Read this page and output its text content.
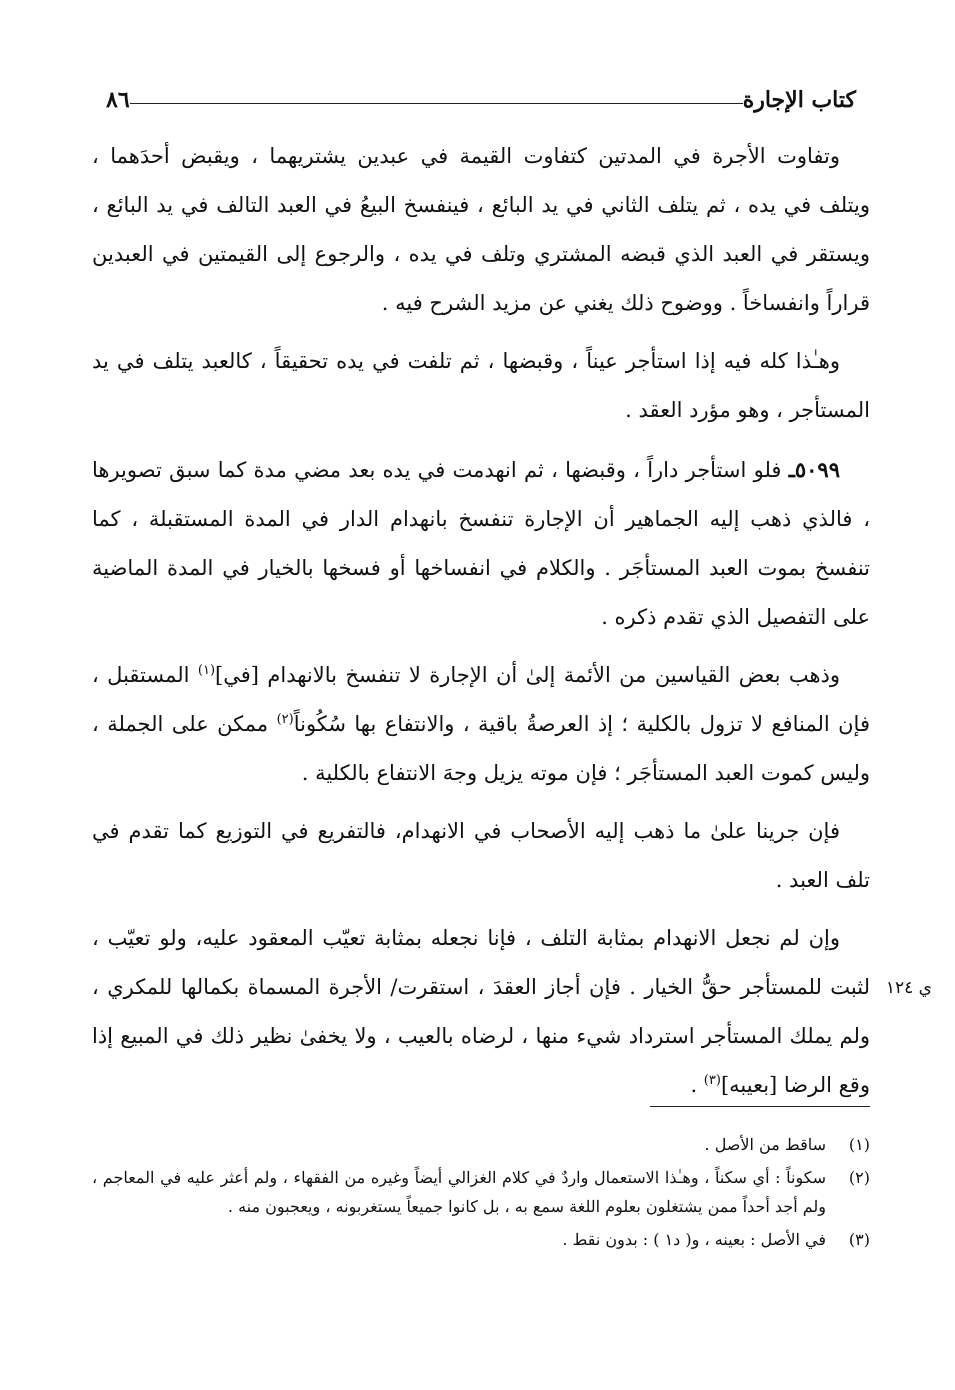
كتاب الإجارة
٨٦

وتفاوت الأجرة في المدتين كتفاوت القيمة في عبدين يشتريهما ، ويقبض أحدَهما ، ويتلف في يده ، ثم يتلف الثاني في يد البائع ، فينفسخ البيعُ في العبد التالف في يد البائع ، ويستقر في العبد الذي قبضه المشتري وتلف في يده ، والرجوع إلى القيمتين في العبدين قراراً وانفساخاً . ووضوح ذلك يغني عن مزيد الشرح فيه .

وهـٰذا كله فيه إذا استأجر عيناً ، وقبضها ، ثم تلفت في يده تحقيقاً ، كالعبد يتلف في يد المستأجر ، وهو مؤرد العقد .

٥٠٩٩ـ فلو استأجر داراً ، وقبضها ، ثم انهدمت في يده بعد مضي مدة كما سبق تصويرها ، فالذي ذهب إليه الجماهير أن الإجارة تنفسخ بانهدام الدار في المدة المستقبلة ، كما تنفسخ بموت العبد المستأجَر . والكلام في انفساخها أو فسخها بالخيار في المدة الماضية على التفصيل الذي تقدم ذكره .

وذهب بعض القياسين من الأئمة إلىٰ أن الإجارة لا تنفسخ بالانهدام [في]$^{(١)}$ المستقبل ، فإن المنافع لا تزول بالكلية ؛ إذ العرصةُ باقية ، والانتفاع بها سُكُوناً$^{(٢)}$ ممكن على الجملة ، وليس كموت العبد المستأجَر ؛ فإن موته يزيل وجهَ الانتفاع بالكلية .

فإن جرينا علىٰ ما ذهب إليه الأصحاب في الانهدام، فالتفريع في التوزيع كما تقدم في تلف العبد .

وإن لم نجعل الانهدام بمثابة التلف ، فإنا نجعله بمثابة تعيّب المعقود عليه، ولو تعيّب ، لثبت للمستأجر حقُّ الخيار . فإن أجاز العقدَ ، استقرت/ الأجرة المسماة بكمالها للمكري ، ولم يملك المستأجر استرداد شيء منها ، لرضاه بالعيب ، ولا يخفىٰ نظير ذلك في المبيع إذا وقع الرضا [بعيبه]$^{(٣)}$ .

ي ١٢٤
(١)
ساقط من الأصل .
(٢)
سكوناً : أي سكناً ، وهـٰذا الاستعمال واردٌ في كلام الغزالي أيضاً وغيره من الفقهاء ، ولم أعثر عليه في المعاجم ، ولم أجد أحداً ممن يشتغلون بعلوم اللغة سمع به ، بل كانوا جميعاً يستغربونه ، ويعجبون منه .
(٣)
في الأصل : بعينه ، و( د١ ) : بدون نقط .
